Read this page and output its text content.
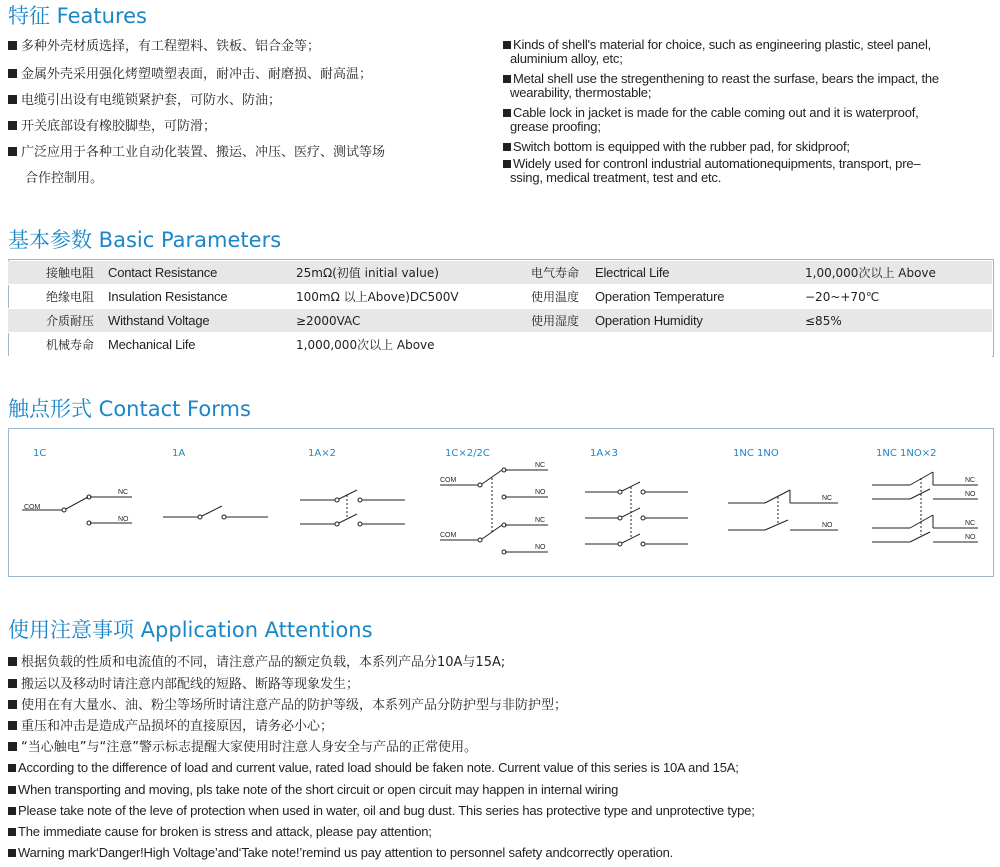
特征 Features
多种外壳材质选择，有工程塑料、铁板、铝合金等；
金属外壳采用强化烤塑喷塑表面，耐冲击、耐磨损、耐高温；
电缆引出设有电缆锁紧护套，可防水、防油；
开关底部设有橡胶脚垫，可防滑；
广泛应用于各种工业自动化装置、搬运、冲压、医疗、测试等场
合作控制用。
Kinds of shell's material for choice, such as engineering plastic, steel panel,
aluminium alloy, etc;
Metal shell use the stregenthening to reast the surfase, bears the impact, the
wearability, thermostable;
Cable lock in jacket is made for the cable coming out and it is waterproof,
grease proofing;
Switch bottom is equipped with the rubber pad, for skidproof;
Widely used for contronl industrial automationequipments, transport, pre–
ssing, medical treatment, test and etc.
基本参数 Basic Parameters
	接触电阻	Contact Resistance	25mΩ(初值 initial value)	电气寿命	Electrical Life	1,00,000次以上 Above
	绝缘电阻	Insulation Resistance	100mΩ 以上Above)DC500V	使用温度	Operation Temperature	−20~+70℃
	介质耐压	Withstand Voltage	≥2000VAC	使用湿度	Operation Humidity	≤85%
	机械寿命	Mechanical Life	1,000,000次以上 Above			
触点形式 Contact Forms
1C	1A	1A×2	1C×2/2C	1A×3	1NC 1NO	1NC 1NO×2
COM
NC
NO
COM
NC
NO
COM
NC
NO
NC
NO
NC
NO
NC
NO
使用注意事项 Application Attentions
根据负载的性质和电流值的不同，请注意产品的额定负载，本系列产品分10A与15A;
搬运以及移动时请注意内部配线的短路、断路等现象发生；
使用在有大量水、油、粉尘等场所时请注意产品的防护等级，本系列产品分防护型与非防护型；
重压和冲击是造成产品损坏的直接原因，请务必小心；
“当心触电”与“注意”警示标志提醒大家使用时注意人身安全与产品的正常使用。
According to the difference of load and current value, rated load should be faken note. Current value of this series is 10A and 15A;
When transporting and moving, pls take note of the short circuit or open circuit may happen in internal wiring
Please take note of the leve of protection when used in water, oil and bug dust. This series has protective type and unprotective type;
The immediate cause for broken is stress and attack, please pay attention;
Warning mark‘Danger!High Voltage’and‘Take note!’remind us pay attention to personnel safety andcorrectly operation.
